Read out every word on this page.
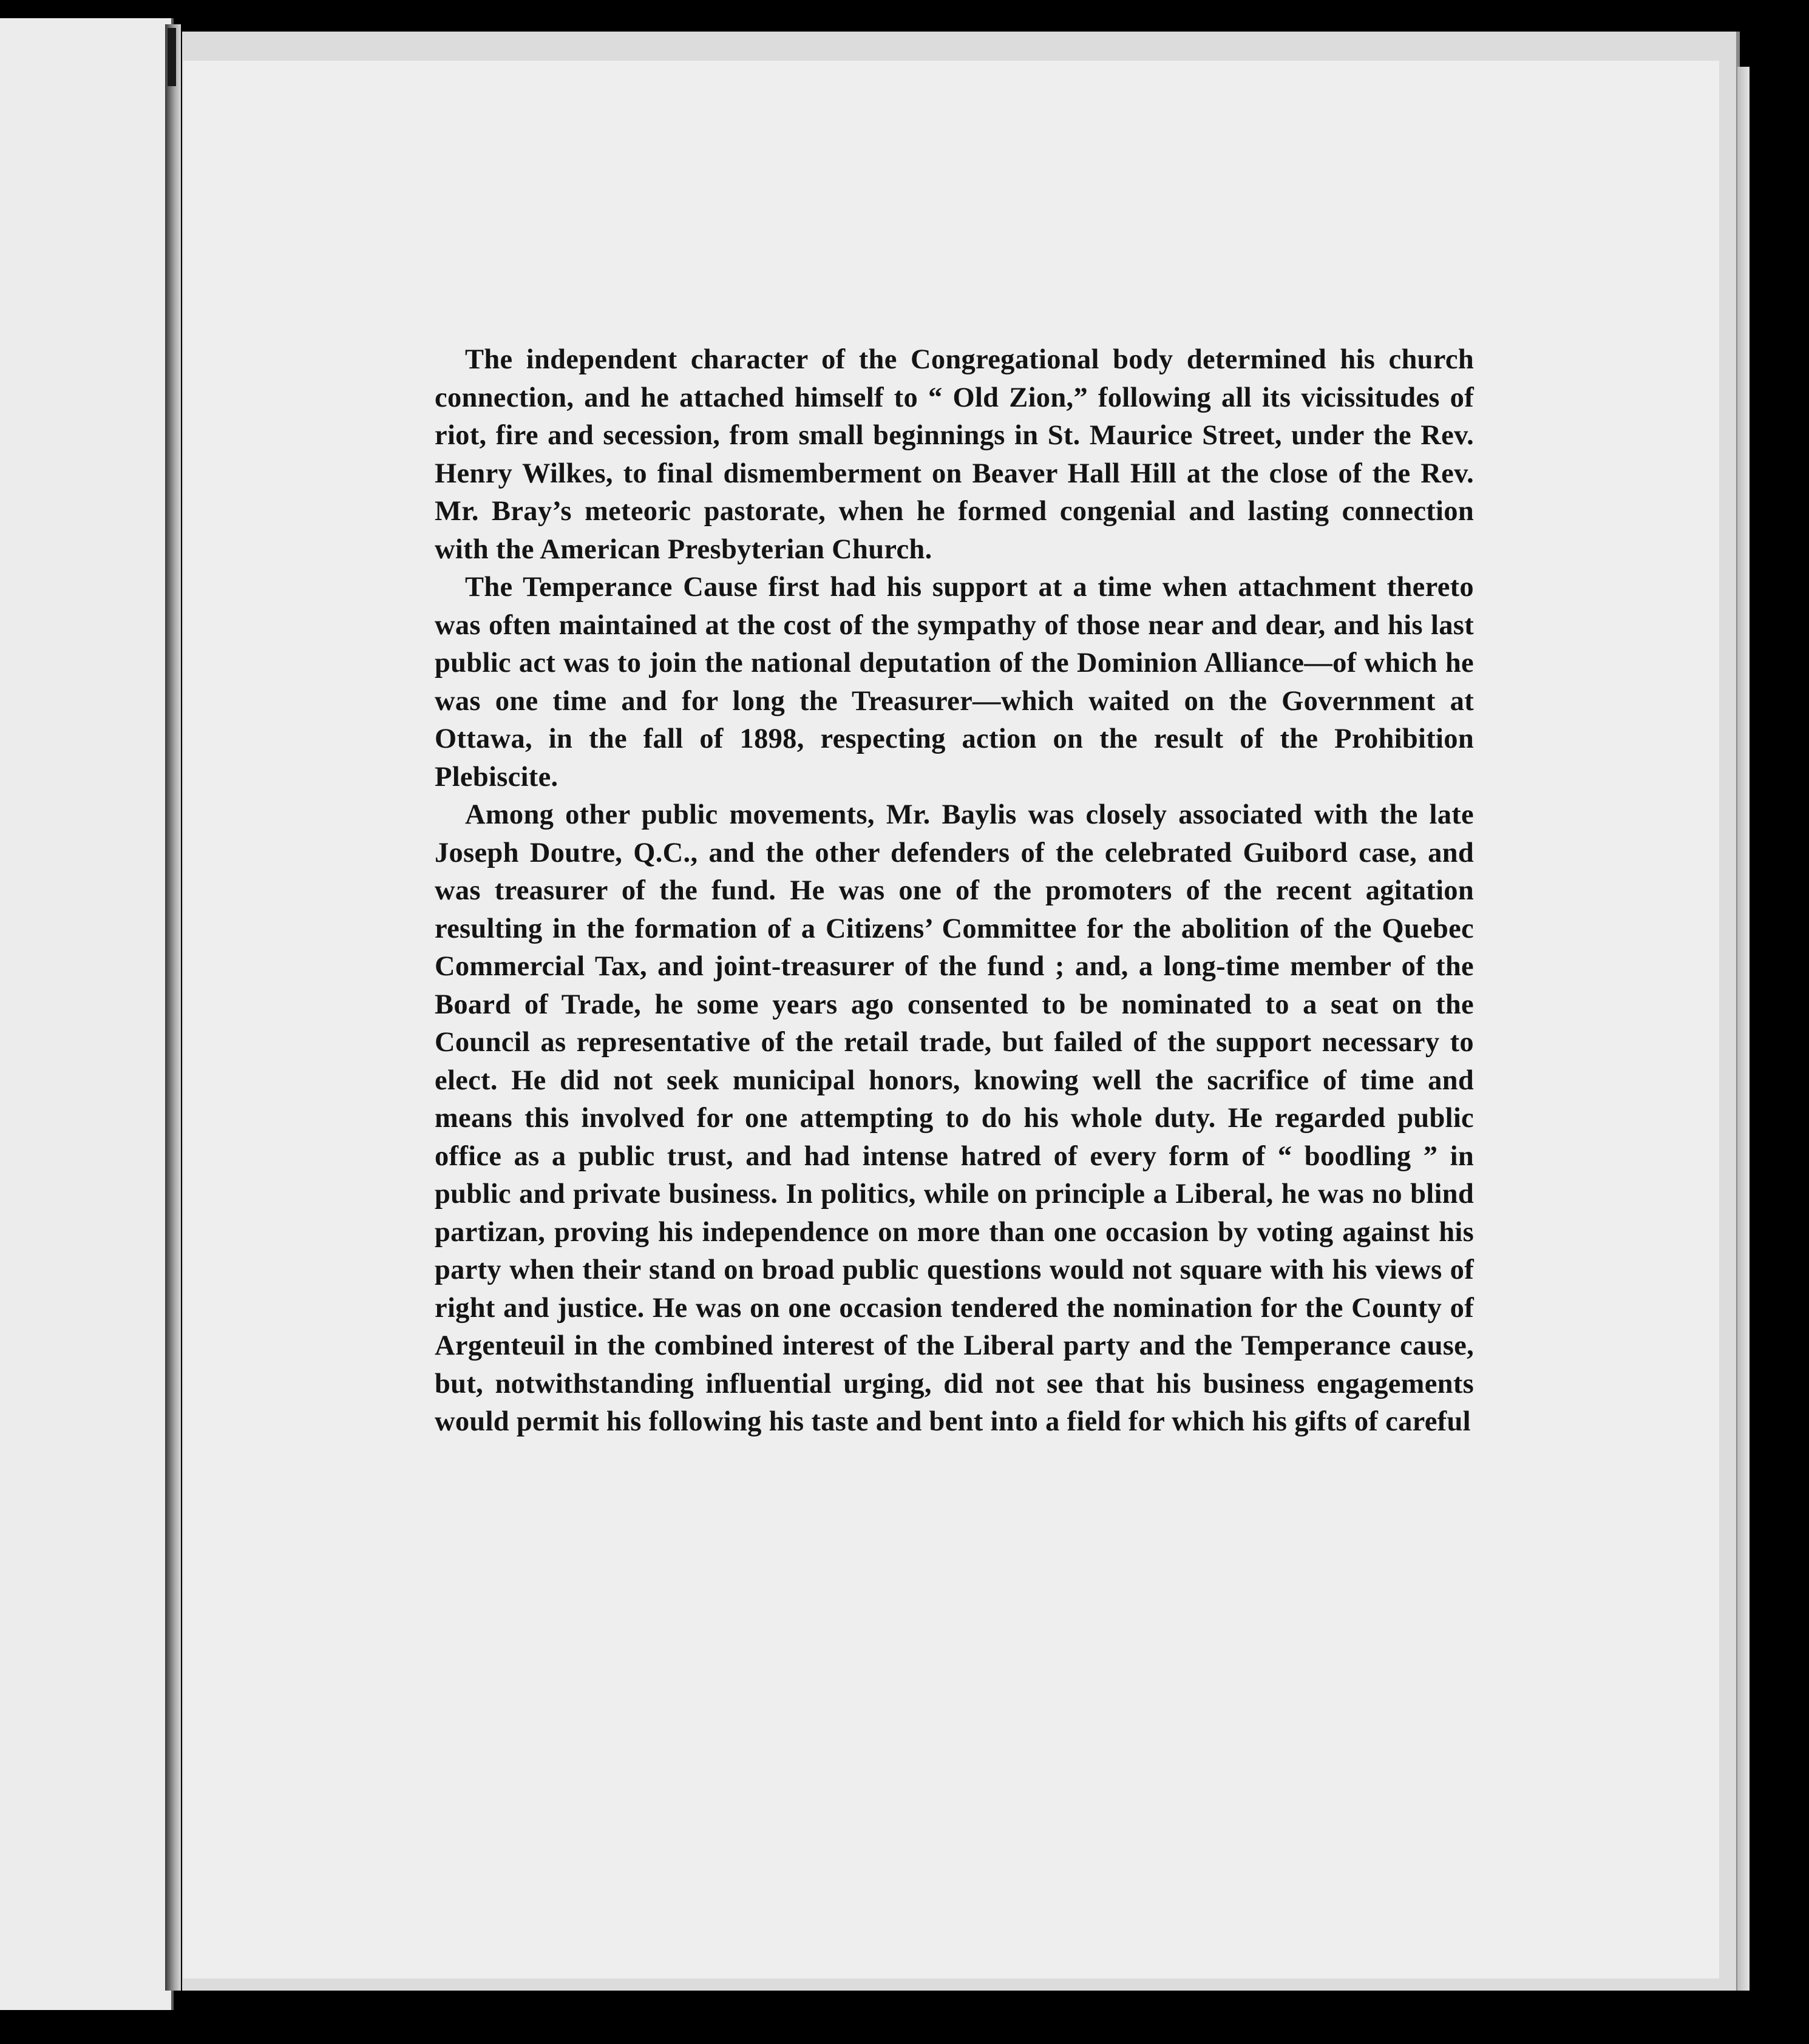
The independent character of the Congregational body determined his church connection, and he attached himself to “ Old Zion,” following all its vicissitudes of riot, fire and secession, from small beginnings in St. Maurice Street, under the Rev. Henry Wilkes, to final dismemberment on Beaver Hall Hill at the close of the Rev. Mr. Bray’s meteoric pastorate, when he formed congenial and lasting connection with the American Presbyterian Church.

The Temperance Cause first had his support at a time when attachment thereto was often maintained at the cost of the sympathy of those near and dear, and his last public act was to join the national deputation of the Dominion Alliance—of which he was one time and for long the Treasurer—which waited on the Government at Ottawa, in the fall of 1898, respecting action on the result of the Prohibition Plebiscite.

Among other public movements, Mr. Baylis was closely associated with the late Joseph Doutre, Q.C., and the other defenders of the celebrated Guibord case, and was treasurer of the fund. He was one of the promoters of the recent agitation resulting in the formation of a Citizens’ Committee for the abolition of the Quebec Commercial Tax, and joint-treasurer of the fund ; and, a long-time member of the Board of Trade, he some years ago consented to be nominated to a seat on the Council as representative of the retail trade, but failed of the support necessary to elect. He did not seek municipal honors, knowing well the sacrifice of time and means this involved for one attempting to do his whole duty. He regarded public office as a public trust, and had intense hatred of every form of “ boodling ” in public and private business. In politics, while on principle a Liberal, he was no blind partizan, proving his independence on more than one occasion by voting against his party when their stand on broad public questions would not square with his views of right and justice. He was on one occasion tendered the nomination for the County of Argenteuil in the combined interest of the Liberal party and the Temperance cause, but, notwithstanding influential urging, did not see that his business engagements would permit his following his taste and bent into a field for which his gifts of careful
